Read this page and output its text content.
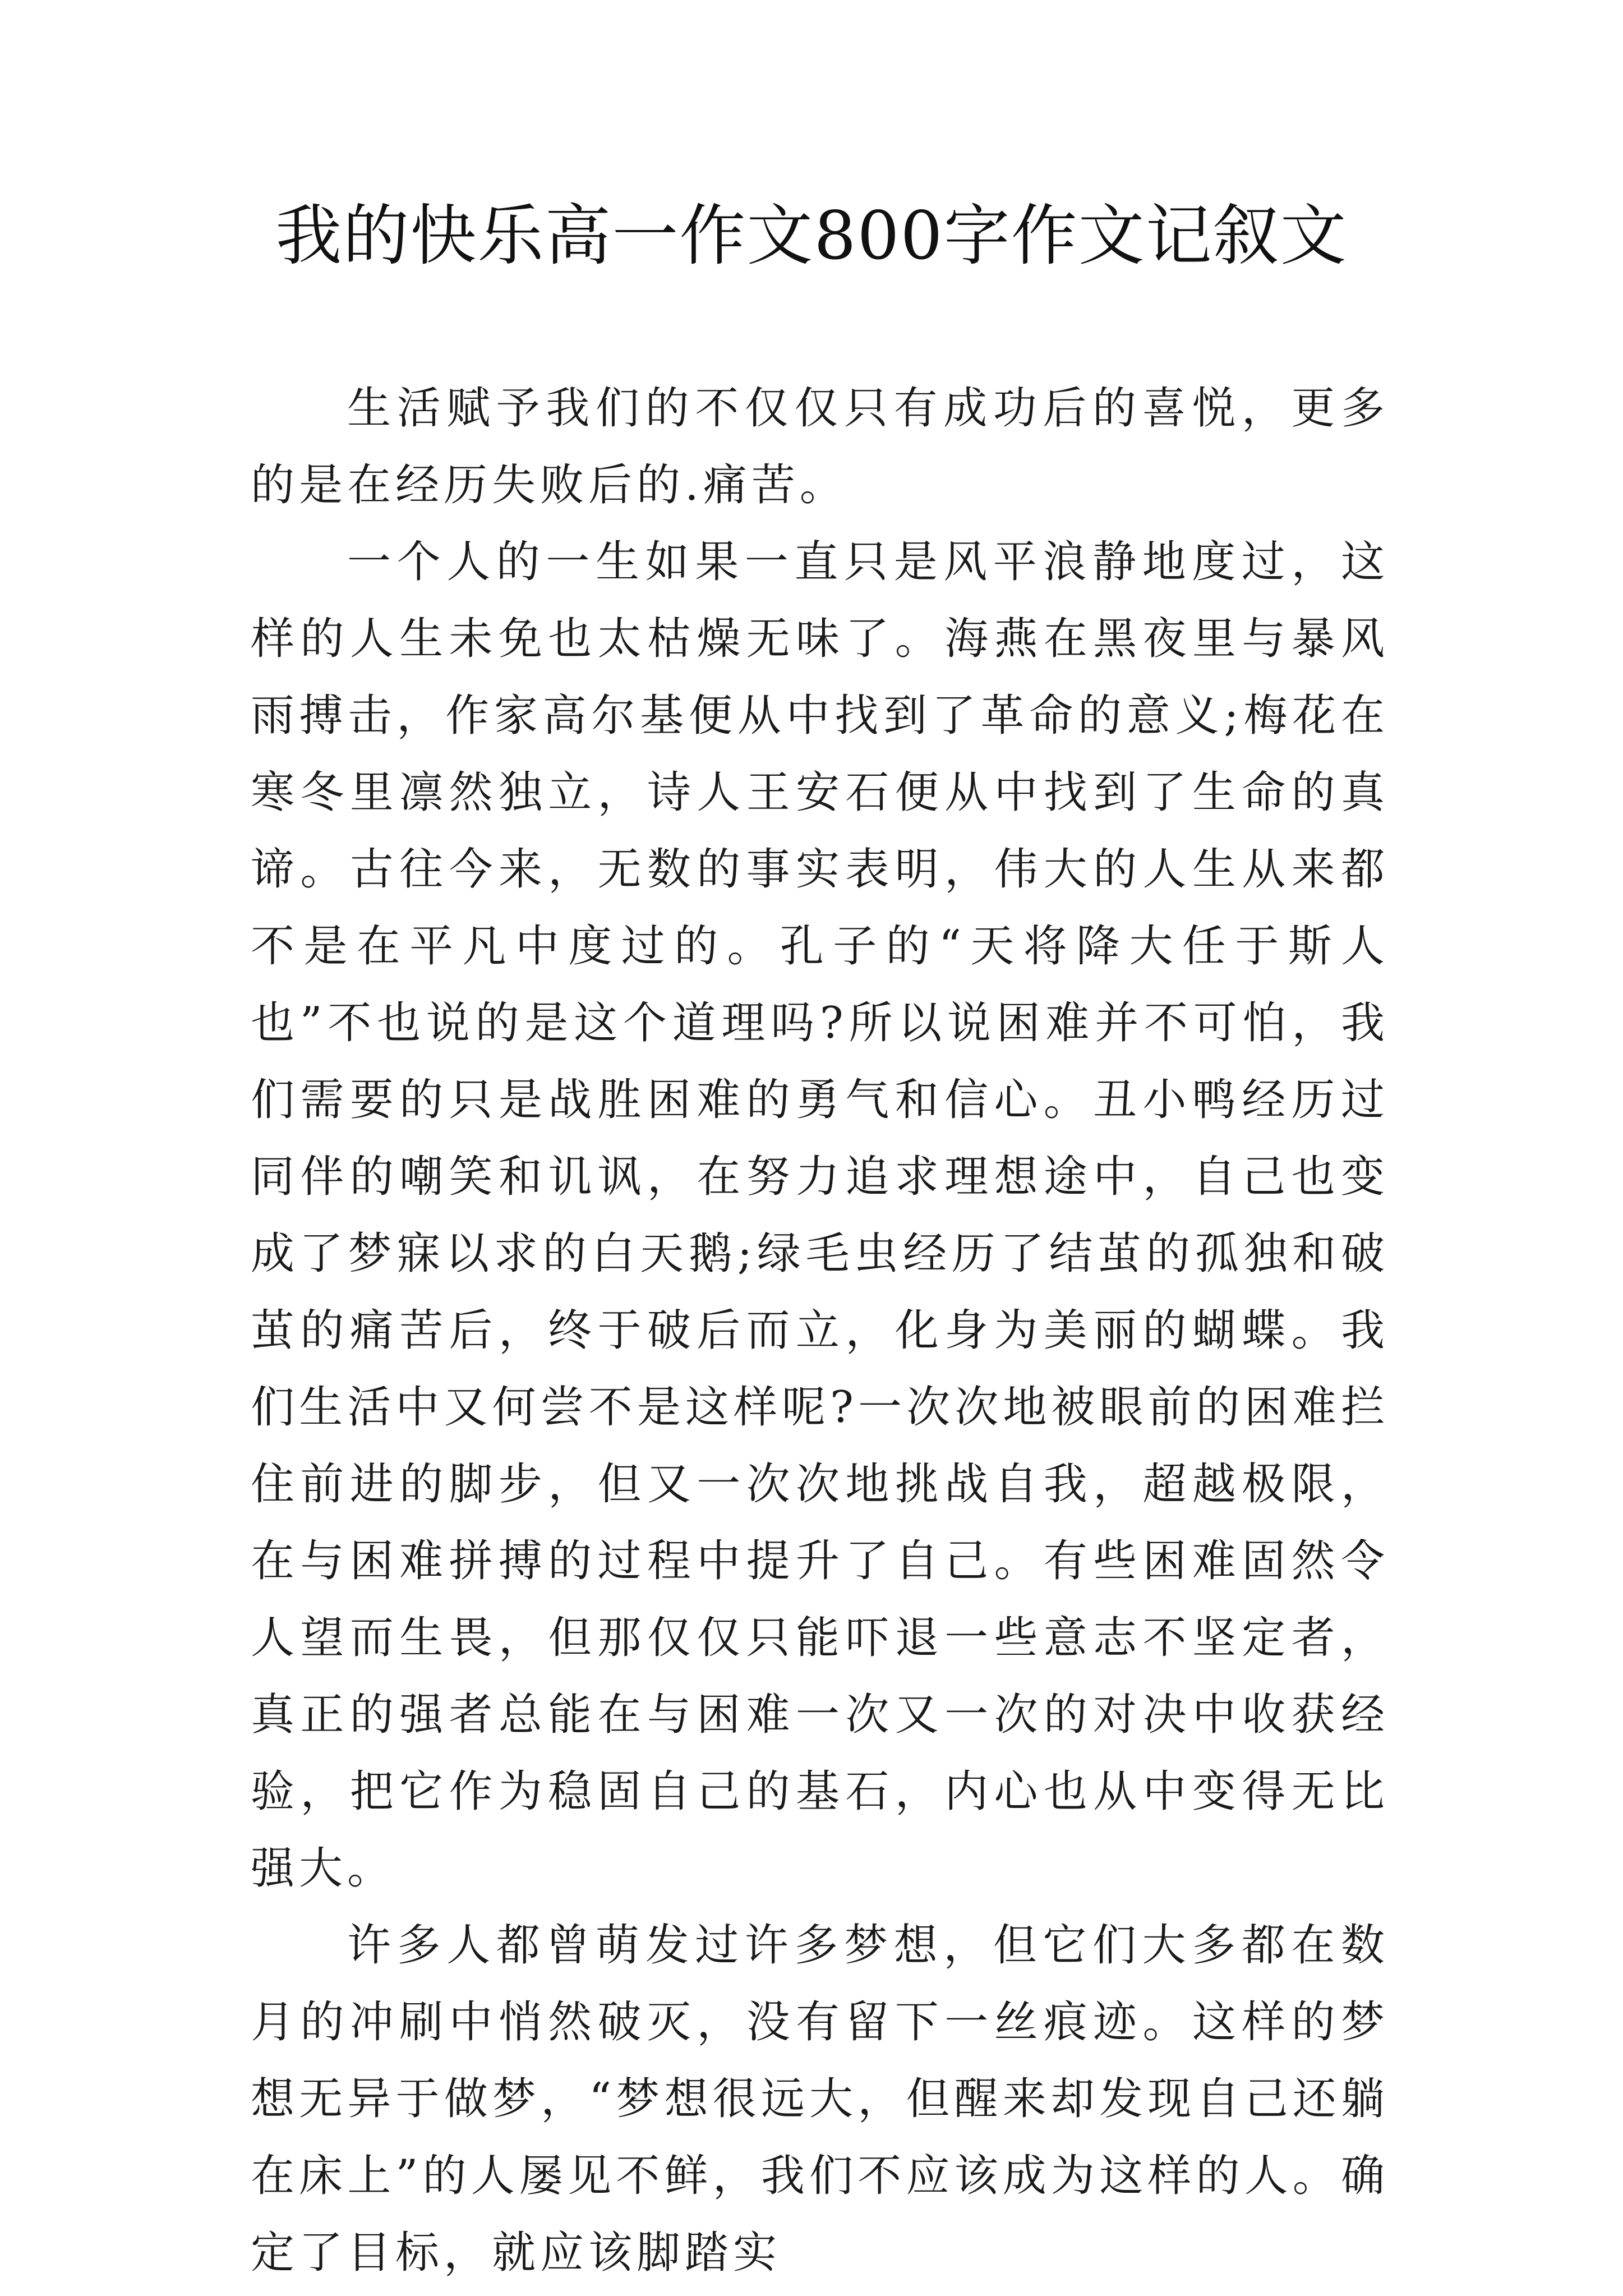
我的快乐高一作文800字作文记叙文

生活赋予我们的不仅仅只有成功后的喜悦，更多的是在经历失败后的.痛苦。

一个人的一生如果一直只是风平浪静地度过，这样的人生未免也太枯燥无味了。海燕在黑夜里与暴风雨搏击，作家高尔基便从中找到了革命的意义;梅花在寒冬里凛然独立，诗人王安石便从中找到了生命的真谛。古往今来，无数的事实表明，伟大的人生从来都不是在平凡中度过的。孔子的“天将降大任于斯人也”不也说的是这个道理吗?所以说困难并不可怕，我们需要的只是战胜困难的勇气和信心。丑小鸭经历过同伴的嘲笑和讥讽，在努力追求理想途中，自己也变成了梦寐以求的白天鹅;绿毛虫经历了结茧的孤独和破茧的痛苦后，终于破后而立，化身为美丽的蝴蝶。我们生活中又何尝不是这样呢?一次次地被眼前的困难拦住前进的脚步，但又一次次地挑战自我，超越极限，在与困难拼搏的过程中提升了自己。有些困难固然令人望而生畏，但那仅仅只能吓退一些意志不坚定者，真正的强者总能在与困难一次又一次的对决中收获经验，把它作为稳固自己的基石，内心也从中变得无比强大。

许多人都曾萌发过许多梦想，但它们大多都在数月的冲刷中悄然破灭，没有留下一丝痕迹。这样的梦想无异于做梦，“梦想很远大，但醒来却发现自己还躺在床上”的人屡见不鲜，我们不应该成为这样的人。确定了目标，就应该脚踏实
